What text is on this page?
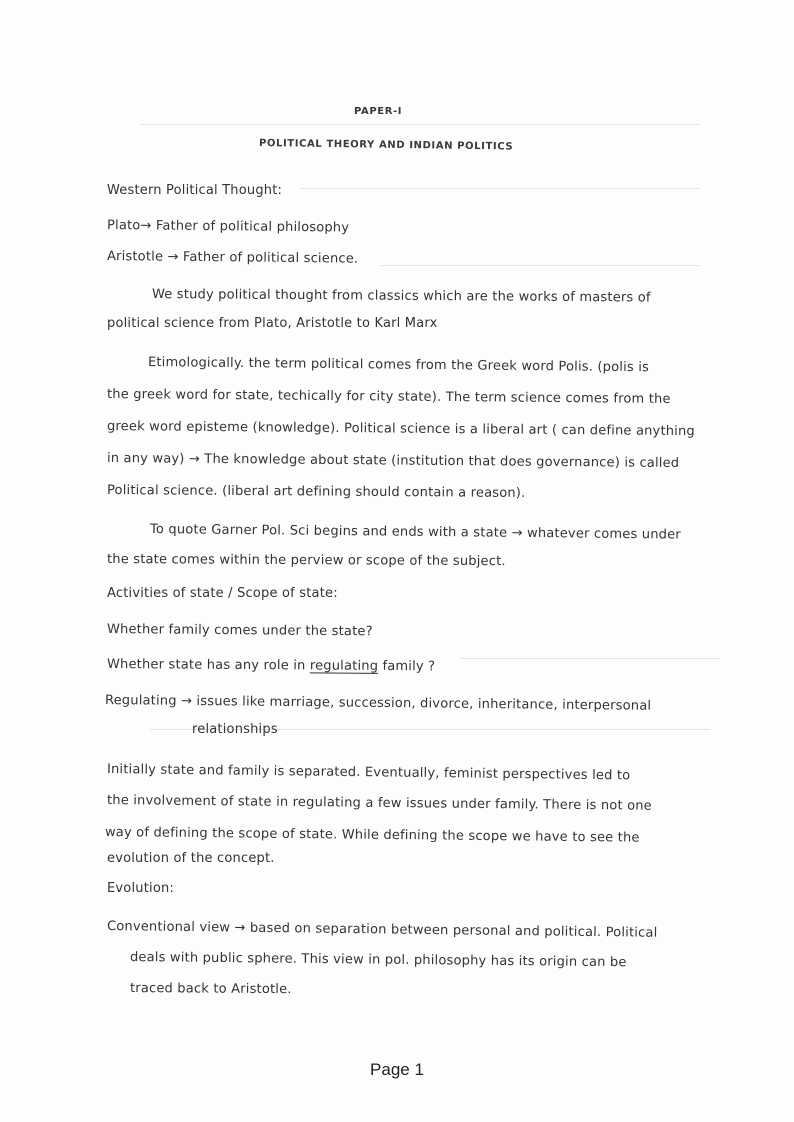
PAPER-I
POLITICAL THEORY AND INDIAN POLITICS
Western Political Thought:
Plato→ Father of political philosophy
Aristotle → Father of political science.
We study political thought from classics which are the works of masters of
political science from Plato, Aristotle to Karl Marx
Etimologically. the term political comes from the Greek word Polis. (polis is
the greek word for state, techically for city state). The term science comes from the
greek word episteme (knowledge). Political science is a liberal art ( can define anything
in any way) → The knowledge about state (institution that does governance) is called
Political science. (liberal art defining should contain a reason).
To quote Garner Pol. Sci begins and ends with a state → whatever comes under
the state comes within the perview or scope of the subject.
Activities of state / Scope of state:
Whether family comes under the state?
Whether state has any role in regulating family ?
Regulating → issues like marriage, succession, divorce, inheritance, interpersonal
relationships
Initially state and family is separated. Eventually, feminist perspectives led to
the involvement of state in regulating a few issues under family. There is not one
way of defining the scope of state. While defining the scope we have to see the
evolution of the concept.
Evolution:
Conventional view → based on separation between personal and political. Political
deals with public sphere. This view in pol. philosophy has its origin can be
traced back to Aristotle.
Page 1
